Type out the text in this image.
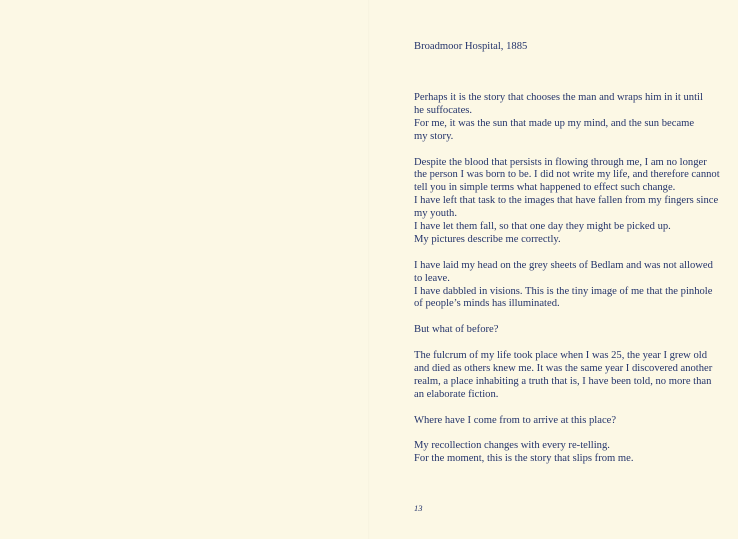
Broadmoor Hospital, 1885

Perhaps it is the story that chooses the man and wraps him in it until
he suffocates.
For me, it was the sun that made up my mind, and the sun became
my story.

Despite the blood that persists in flowing through me, I am no longer
the person I was born to be. I did not write my life, and therefore cannot
tell you in simple terms what happened to effect such change.
I have left that task to the images that have fallen from my fingers since
my youth.
I have let them fall, so that one day they might be picked up.
My pictures describe me correctly.

I have laid my head on the grey sheets of Bedlam and was not allowed
to leave.
I have dabbled in visions. This is the tiny image of me that the pinhole
of people’s minds has illuminated.

But what of before?

The fulcrum of my life took place when I was 25, the year I grew old
and died as others knew me. It was the same year I discovered another
realm, a place inhabiting a truth that is, I have been told, no more than
an elaborate fiction.

Where have I come from to arrive at this place?

My recollection changes with every re-telling.
For the moment, this is the story that slips from me.

13
